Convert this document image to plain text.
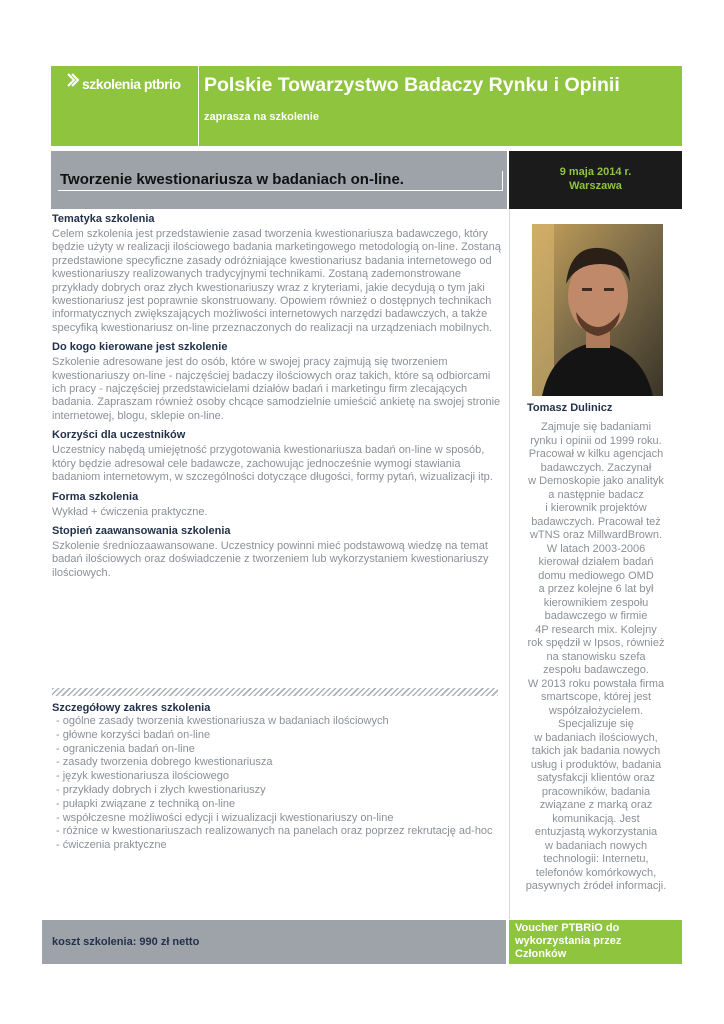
szkolenia ptbrio Polskie Towarzystwo Badaczy Rynku i Opinii
zaprasza na szkolenie
Tworzenie kwestionariusza w badaniach on-line.	9 maja 2014 r.
Warszawa

Tematyka szkolenia

Celem szkolenia jest przedstawienie zasad tworzenia kwestionariusza badawczego, który będzie użyty w realizacji ilościowego badania marketingowego metodologią on-line. Zostaną przedstawione specyficzne zasady odróżniające kwestionariusz badania internetowego od kwestionariuszy realizowanych tradycyjnymi technikami. Zostaną zademonstrowane przykłady dobrych oraz złych kwestionariuszy wraz z kryteriami, jakie decydują o tym jaki kwestionariusz jest poprawnie skonstruowany. Opowiem również o dostępnych technikach informatycznych zwiększających możliwości internetowych narzędzi badawczych, a także specyfiką kwestionariusz on-line przeznaczonych do realizacji na urządzeniach mobilnych.

Do kogo kierowane jest szkolenie

Szkolenie adresowane jest do osób, które w swojej pracy zajmują się tworzeniem kwestionariuszy on-line - najczęściej badaczy ilościowych oraz takich, które są odbiorcami ich pracy - najczęściej przedstawicielami działów badań i marketingu firm zlecających badania. Zapraszam również osoby chcące samodzielnie umieścić ankietę na swojej stronie internetowej, blogu, sklepie on-line.

Korzyści dla uczestników

Uczestnicy nabędą umiejętność przygotowania kwestionariusza badań on-line w sposób, który będzie adresował cele badawcze, zachowując jednocześnie wymogi stawiania badaniom internetowym, w szczególności dotyczące długości, formy pytań, wizualizacji itp.

Forma szkolenia

Wykład + ćwiczenia praktyczne.

Stopień zaawansowania szkolenia

Szkolenie średniozaawansowane. Uczestnicy powinni mieć podstawową wiedzę na temat badań ilościowych oraz doświadczenie z tworzeniem lub wykorzystaniem kwestionariuszy ilościowych.

Szczegółowy zakres szkolenia
- ogólne zasady tworzenia kwestionariusza w badaniach ilościowych
- główne korzyści badań on-line
- ograniczenia badań on-line
- zasady tworzenia dobrego kwestionariusza
- język kwestionariusza ilościowego
- przykłady dobrych i złych kwestionariuszy
- pułapki związane z techniką on-line
- współczesne możliwości edycji i wizualizacji kwestionariuszy on-line
- różnice w kwestionariuszach realizowanych na panelach oraz poprzez rekrutację ad-hoc
- ćwiczenia praktyczne
Tomasz Dulinicz
Zajmuje się badaniami
rynku i opinii od 1999 roku.
Pracował w kilku agencjach
badawczych. Zaczynał
w Demoskopie jako analityk
a następnie badacz
i kierownik projektów
badawczych. Pracował też
wTNS oraz MillwardBrown.
W latach 2003-2006
kierował działem badań
domu mediowego OMD
a przez kolejne 6 lat był
kierownikiem zespołu
badawczego w firmie
4P research mix. Kolejny
rok spędził w Ipsos, również
na stanowisku szefa
zespołu badawczego.
W 2013 roku powstała firma
smartscope, której jest
współzałożycielem.
Specjalizuje się
w badaniach ilościowych,
takich jak badania nowych
usług i produktów, badania
satysfakcji klientów oraz
pracowników, badania
związane z marką oraz
komunikacją. Jest
entuzjastą wykorzystania
w badaniach nowych
technologii: Internetu,
telefonów komórkowych,
pasywnych źródeł informacji.
koszt szkolenia: 990 zł netto
Voucher PTBRiO do wykorzystania przez Członków
